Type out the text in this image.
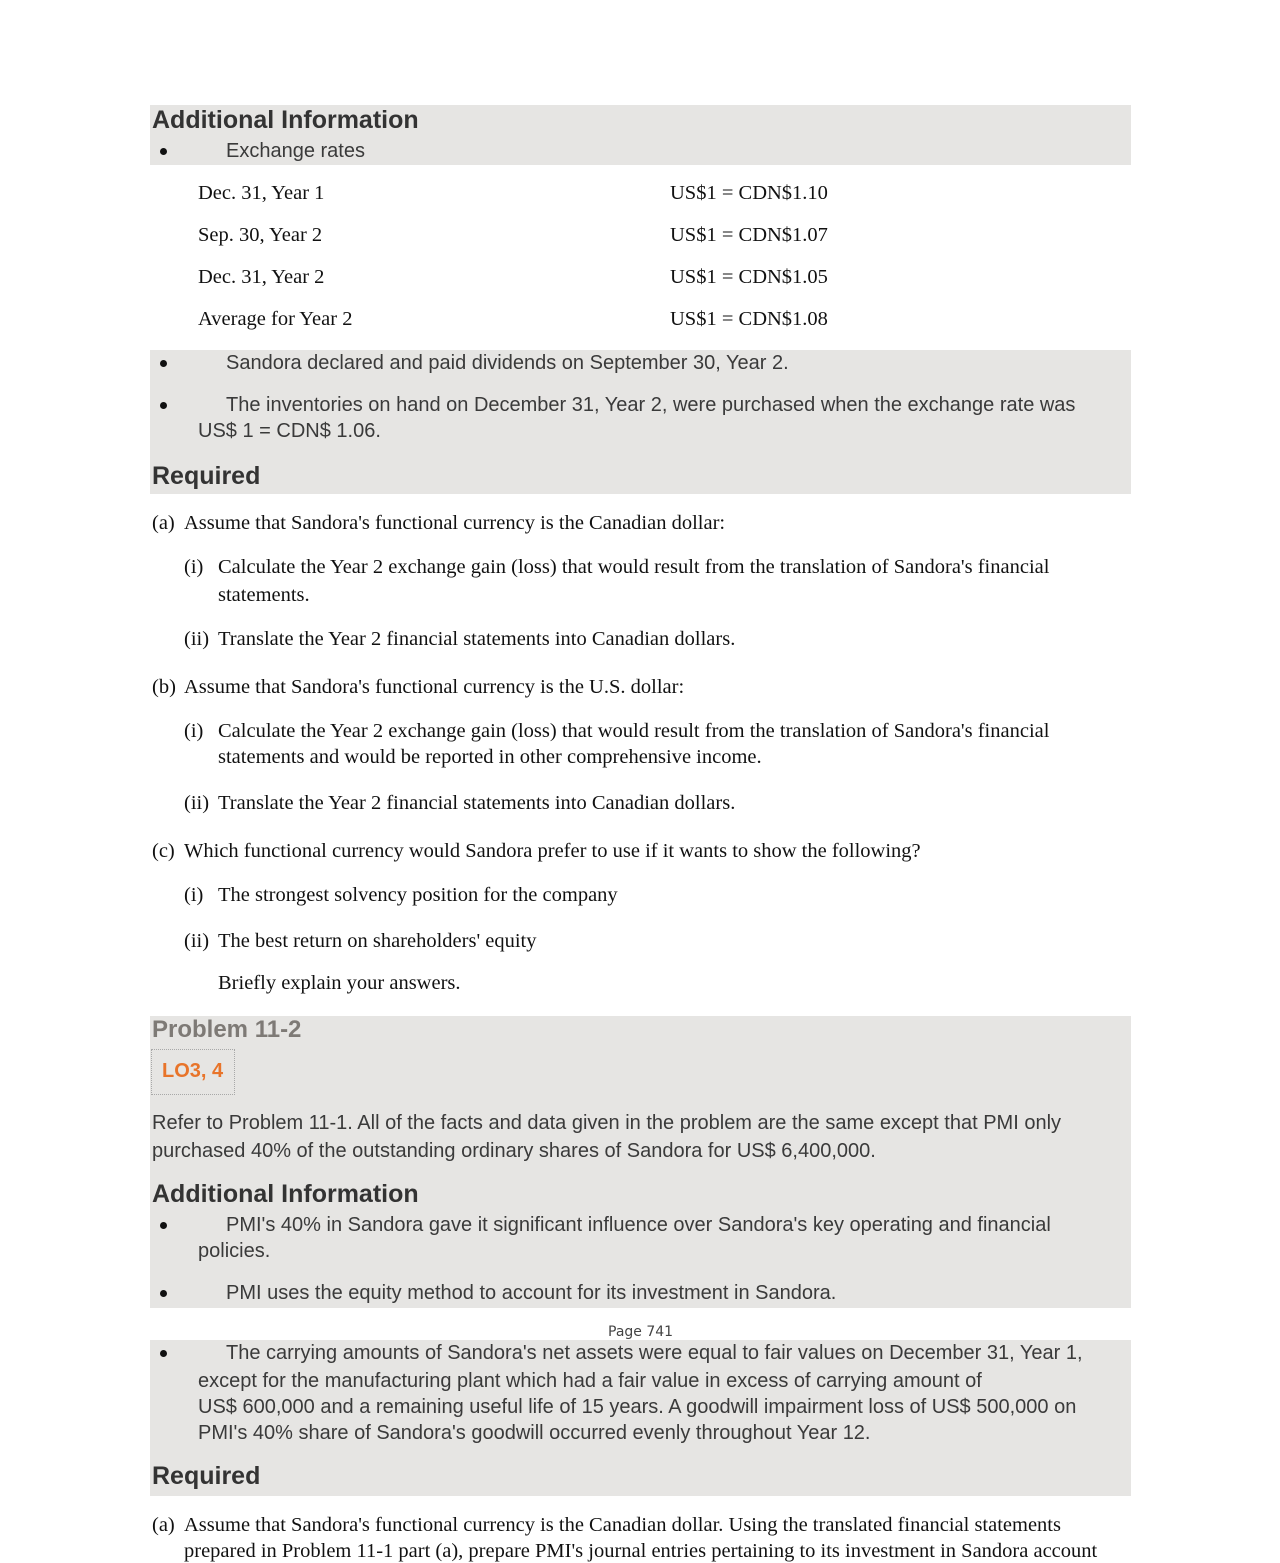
Additional Information
Exchange rates
Dec. 31, Year 1	US$1 = CDN$1.10
Sep. 30, Year 2	US$1 = CDN$1.07
Dec. 31, Year 2	US$1 = CDN$1.05
Average for Year 2	US$1 = CDN$1.08
Sandora declared and paid dividends on September 30, Year 2.
The inventories on hand on December 31, Year 2, were purchased when the exchange rate was
US$ 1 = CDN$ 1.06.
Required
(a) Assume that Sandora's functional currency is the Canadian dollar:
(i) Calculate the Year 2 exchange gain (loss) that would result from the translation of Sandora's financial
statements.
(ii) Translate the Year 2 financial statements into Canadian dollars.
(b) Assume that Sandora's functional currency is the U.S. dollar:
(i) Calculate the Year 2 exchange gain (loss) that would result from the translation of Sandora's financial
statements and would be reported in other comprehensive income.
(ii) Translate the Year 2 financial statements into Canadian dollars.
(c) Which functional currency would Sandora prefer to use if it wants to show the following?
(i) The strongest solvency position for the company
(ii) The best return on shareholders' equity
Briefly explain your answers.
Problem 11-2
LO3, 4
Refer to Problem 11-1. All of the facts and data given in the problem are the same except that PMI only
purchased 40% of the outstanding ordinary shares of Sandora for US$ 6,400,000.
Additional Information
PMI's 40% in Sandora gave it significant influence over Sandora's key operating and financial
policies.
PMI uses the equity method to account for its investment in Sandora.
Page 741
The carrying amounts of Sandora's net assets were equal to fair values on December 31, Year 1,
except for the manufacturing plant which had a fair value in excess of carrying amount of
US$ 600,000 and a remaining useful life of 15 years. A goodwill impairment loss of US$ 500,000 on
PMI's 40% share of Sandora's goodwill occurred evenly throughout Year 12.
Required
(a) Assume that Sandora's functional currency is the Canadian dollar. Using the translated financial statements
prepared in Problem 11-1 part (a), prepare PMI's journal entries pertaining to its investment in Sandora account
